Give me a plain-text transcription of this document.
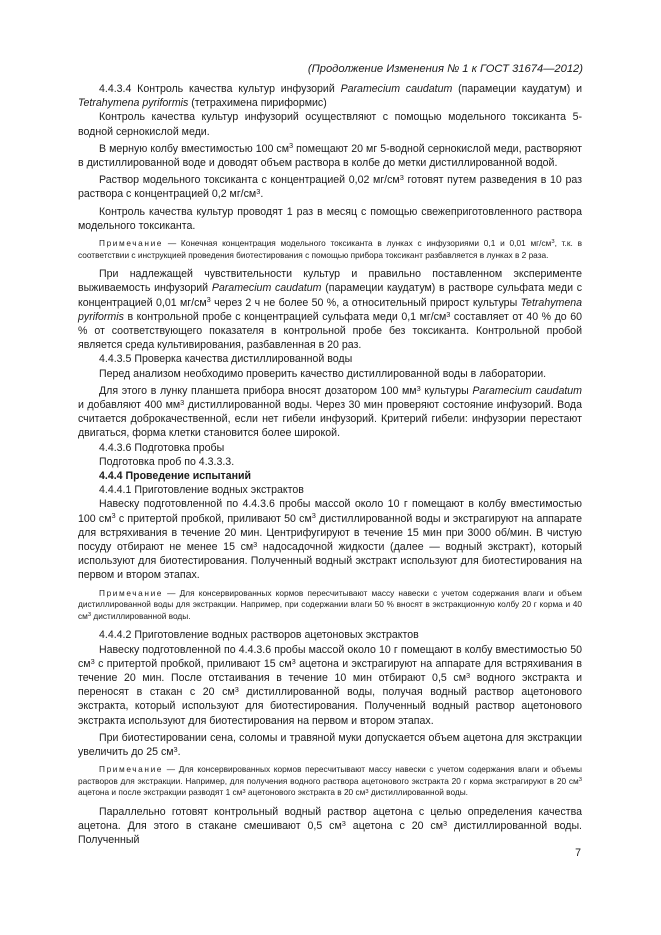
(Продолжение Изменения № 1 к ГОСТ 31674—2012)

4.4.3.4 Контроль качества культур инфузорий Paramecium caudatum (парамеции каудатум) и Tetrahymena pyriformis (тетрахимена пириформис)

Контроль качества культур инфузорий осуществляют с помощью модельного токсиканта 5-водной сернокислой меди.

В мерную колбу вместимостью 100 $см^3$ помещают 20 мг 5-водной сернокислой меди, растворяют в дистиллированной воде и доводят объем раствора в колбе до метки дистиллированной водой.

Раствор модельного токсиканта с концентрацией 0,02 $мг/см^3$ готовят путем разведения в 10 раз раствора с концентрацией 0,2 $мг/см^3$.

Контроль качества культур проводят 1 раз в месяц с помощью свежеприготовленного раствора модельного токсиканта.

Примечание — Конечная концентрация модельного токсиканта в лунках с инфузориями 0,1 и 0,01 $мг/см^3$, т.к. в соответствии с инструкцией проведения биотестирования с помощью прибора токсикант разбавляется в лунках в 2 раза.

При надлежащей чувствительности культур и правильно поставленном эксперименте выживаемость инфузорий Paramecium caudatum (парамеции каудатум) в растворе сульфата меди с концентрацией 0,01 $мг/см^3$ через 2 ч не более 50 %, а относительный прирост культуры Tetrahymena pyriformis в контрольной пробе с концентрацией сульфата меди 0,1 $мг/см^3$ составляет от 40 % до 60 % от соответствующего показателя в контрольной пробе без токсиканта. Контрольной пробой является среда культивирования, разбавленная в 20 раз.

4.4.3.5 Проверка качества дистиллированной воды

Перед анализом необходимо проверить качество дистиллированной воды в лаборатории.

Для этого в лунку планшета прибора вносят дозатором 100 $мм^3$ культуры Paramecium caudatum и добавляют 400 $мм^3$ дистиллированной воды. Через 30 мин проверяют состояние инфузорий. Вода считается доброкачественной, если нет гибели инфузорий. Критерий гибели: инфузории перестают двигаться, форма клетки становится более широкой.

4.4.3.6 Подготовка пробы

Подготовка проб по 4.3.3.3.

4.4.4 Проведение испытаний

4.4.4.1 Приготовление водных экстрактов

Навеску подготовленной по 4.4.3.6 пробы массой около 10 г помещают в колбу вместимостью 100 $см^3$ с притертой пробкой, приливают 50 $см^3$ дистиллированной воды и экстрагируют на аппарате для встряхивания в течение 20 мин. Центрифугируют в течение 15 мин при 3000 об/мин. В чистую посуду отбирают не менее 15 $см^3$ надосадочной жидкости (далее — водный экстракт), который используют для биотестирования. Полученный водный экстракт используют для биотестирования на первом и втором этапах.

Примечание — Для консервированных кормов пересчитывают массу навески с учетом содержания влаги и объем дистиллированной воды для экстракции. Например, при содержании влаги 50 % вносят в экстракционную колбу 20 г корма и 40 $см^3$ дистиллированной воды.

4.4.4.2 Приготовление водных растворов ацетоновых экстрактов

Навеску подготовленной по 4.4.3.6 пробы массой около 10 г помещают в колбу вместимостью 50 $см^3$ с притертой пробкой, приливают 15 $см^3$ ацетона и экстрагируют на аппарате для встряхивания в течение 20 мин. После отстаивания в течение 10 мин отбирают 0,5 $см^3$ водного экстракта и переносят в стакан с 20 $см^3$ дистиллированной воды, получая водный раствор ацетонового экстракта, который используют для биотестирования. Полученный водный раствор ацетонового экстракта используют для биотестирования на первом и втором этапах.

При биотестировании сена, соломы и травяной муки допускается объем ацетона для экстракции увеличить до 25 $см^3$.

Примечание — Для консервированных кормов пересчитывают массу навески с учетом содержания влаги и объемы растворов для экстракции. Например, для получения водного раствора ацетонового экстракта 20 г корма экстрагируют в 20 $см^3$ ацетона и после экстракции разводят 1 $см^3$ ацетонового экстракта в 20 $см^3$ дистиллированной воды.

Параллельно готовят контрольный водный раствор ацетона с целью определения качества ацетона. Для этого в стакане смешивают 0,5 $см^3$ ацетона с 20 $см^3$ дистиллированной воды. Полученный

7
